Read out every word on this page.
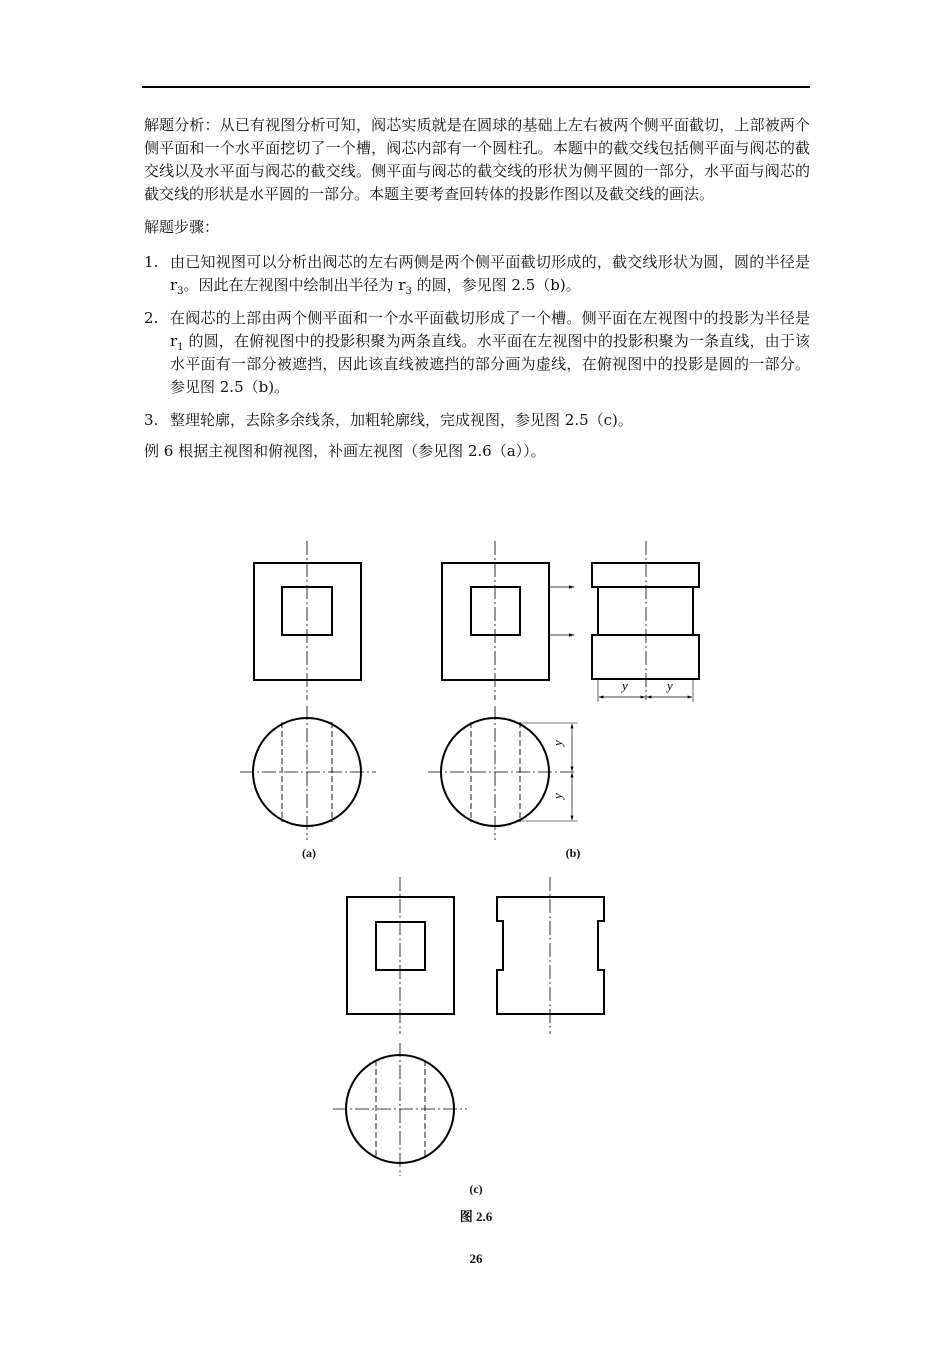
解题分析：从已有视图分析可知，阀芯实质就是在圆球的基础上左右被两个侧平面截切，上部被两个侧平面和一个水平面挖切了一个槽，阀芯内部有一个圆柱孔。本题中的截交线包括侧平面与阀芯的截交线以及水平面与阀芯的截交线。侧平面与阀芯的截交线的形状为侧平圆的一部分，水平面与阀芯的截交线的形状是水平圆的一部分。本题主要考查回转体的投影作图以及截交线的画法。

解题步骤：

1. 由已知视图可以分析出阀芯的左右两侧是两个侧平面截切形成的，截交线形状为圆，圆的半径是 $r_3$。因此在左视图中绘制出半径为 $r_3$ 的圆，参见图 2.5（b)。

2. 在阀芯的上部由两个侧平面和一个水平面截切形成了一个槽。侧平面在左视图中的投影为半径是 $r_1$ 的圆，在俯视图中的投影积聚为两条直线。水平面在左视图中的投影积聚为一条直线，由于该水平面有一部分被遮挡，因此该直线被遮挡的部分画为虚线，在俯视图中的投影是圆的一部分。参见图 2.5（b)。

3. 整理轮廓，去除多余线条，加粗轮廓线，完成视图，参见图 2.5（c)。

例 6 根据主视图和俯视图，补画左视图（参见图 2.6（a））。

y	y
y
y
(a)	(b)
(c)
图 2.6
26
